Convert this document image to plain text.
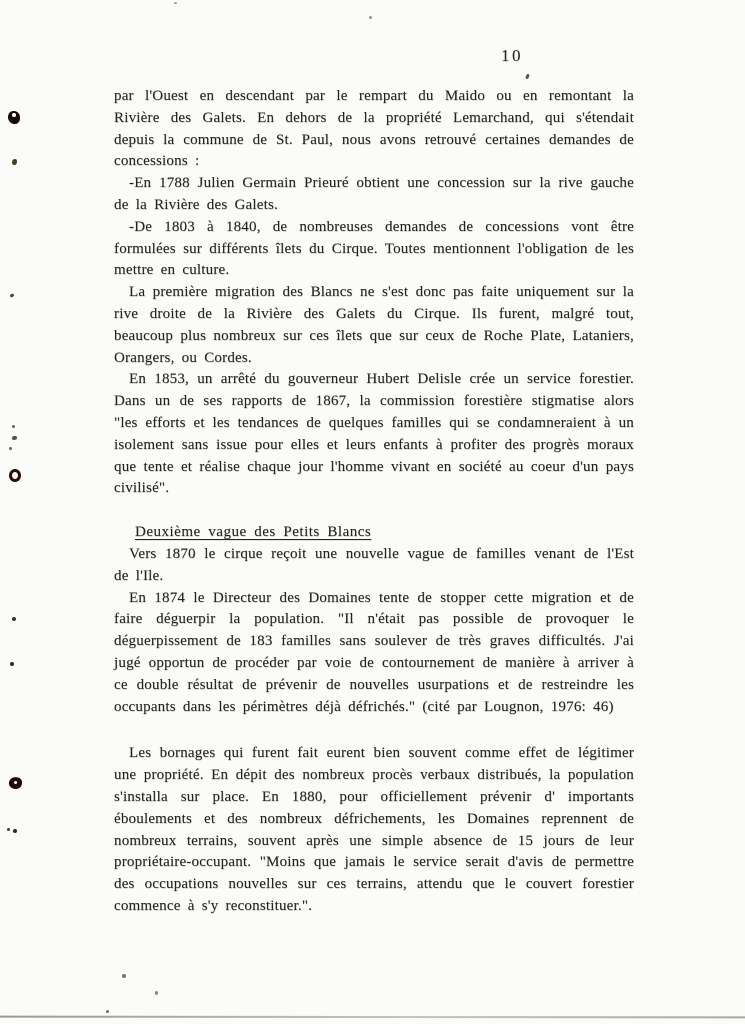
10

par l'Ouest en descendant par le rempart du Maido ou en remontant la Rivière des Galets. En dehors de la propriété Lemarchand, qui s'étendait depuis la commune de St. Paul, nous avons retrouvé certaines demandes de concessions :

-En 1788 Julien Germain Prieuré obtient une concession sur la rive gauche de la Rivière des Galets.

-De 1803 à 1840, de nombreuses demandes de concessions vont être formulées sur différents îlets du Cirque. Toutes mentionnent l'obligation de les mettre en culture.

La première migration des Blancs ne s'est donc pas faite uniquement sur la rive droite de la Rivière des Galets du Cirque. Ils furent, malgré tout, beaucoup plus nombreux sur ces îlets que sur ceux de Roche Plate, Lataniers, Orangers, ou Cordes.

En 1853, un arrêté du gouverneur Hubert Delisle crée un service forestier. Dans un de ses rapports de 1867, la commission forestière stigmatise alors "les efforts et les tendances de quelques familles qui se condamneraient à un isolement sans issue pour elles et leurs enfants à profiter des progrès moraux que tente et réalise chaque jour l'homme vivant en société au coeur d'un pays civilisé".

Deuxième vague des Petits Blancs

Vers 1870 le cirque reçoit une nouvelle vague de familles venant de l'Est de l'Ile.

En 1874 le Directeur des Domaines tente de stopper cette migration et de faire déguerpir la population. "Il n'était pas possible de provoquer le déguerpissement de 183 familles sans soulever de très graves difficultés. J'ai jugé opportun de procéder par voie de contournement de manière à arriver à ce double résultat de prévenir de nouvelles usurpations et de restreindre les occupants dans les périmètres déjà défrichés." (cité par Lougnon, 1976: 46)

Les bornages qui furent fait eurent bien souvent comme effet de légitimer une propriété. En dépit des nombreux procès verbaux distribués, la population s'installa sur place. En 1880, pour officiellement prévenir d' importants éboulements et des nombreux défrichements, les Domaines reprennent de nombreux terrains, souvent après une simple absence de 15 jours de leur propriétaire-occupant. "Moins que jamais le service serait d'avis de permettre des occupations nouvelles sur ces terrains, attendu que le couvert forestier commence à s'y reconstituer.".
